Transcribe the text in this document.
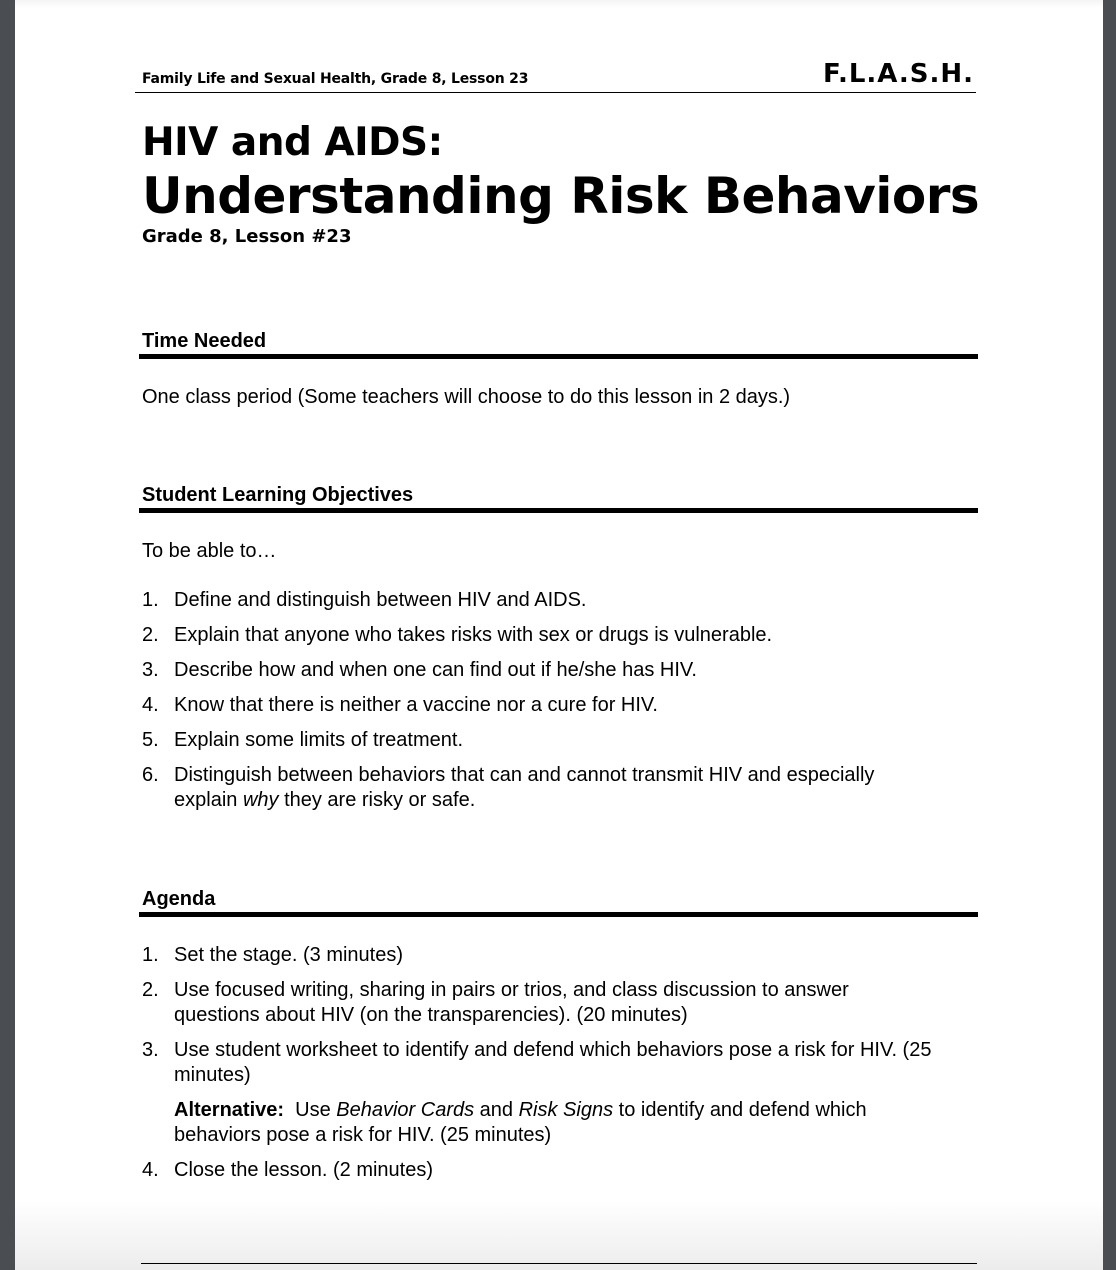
Family Life and Sexual Health, Grade 8, Lesson 23	F.L.A.S.H.
HIV and AIDS:
Understanding Risk Behaviors
Grade 8, Lesson #23
Time Needed
One class period (Some teachers will choose to do this lesson in 2 days.)
Student Learning Objectives
To be able to…
1. Define and distinguish between HIV and AIDS.
2. Explain that anyone who takes risks with sex or drugs is vulnerable.
3. Describe how and when one can find out if he/she has HIV.
4. Know that there is neither a vaccine nor a cure for HIV.
5. Explain some limits of treatment.
6. Distinguish between behaviors that can and cannot transmit HIV and especially explain why they are risky or safe.
Agenda
1. Set the stage. (3 minutes)
2. Use focused writing, sharing in pairs or trios, and class discussion to answer questions about HIV (on the transparencies). (20 minutes)
3. Use student worksheet to identify and defend which behaviors pose a risk for HIV. (25 minutes)
Alternative:  Use Behavior Cards and Risk Signs to identify and defend which behaviors pose a risk for HIV. (25 minutes)
4. Close the lesson. (2 minutes)
